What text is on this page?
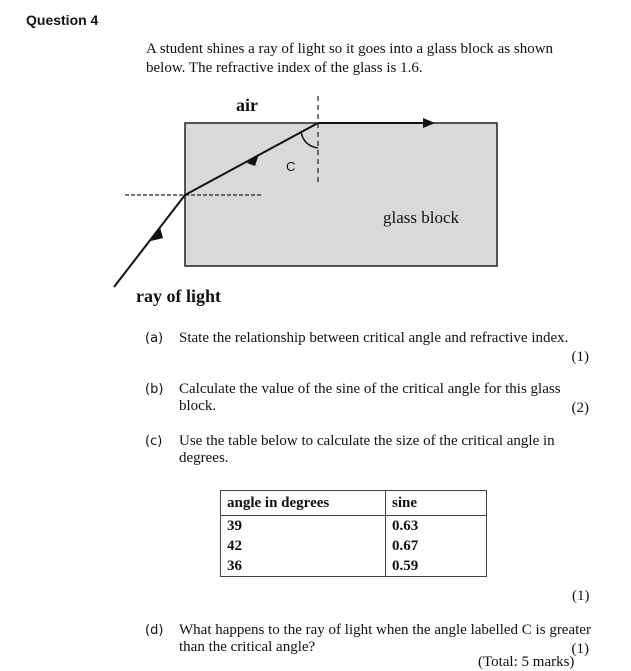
Question 4
A student shines a ray of light so it goes into a glass block as shown below. The refractive index of the glass is 1.6.
air
C
glass block
ray of light
(a) State the relationship between critical angle and refractive index.
(1)
(b) Calculate the value of the sine of the critical angle for this glass block.	(2)
(c) Use the table below to calculate the size of the critical angle in degrees.
angle in degrees	sine
39	0.63
42	0.67
36	0.59
(1)
(d) What happens to the ray of light when the angle labelled C is greater than the critical angle?	(1)
(Total: 5 marks)
